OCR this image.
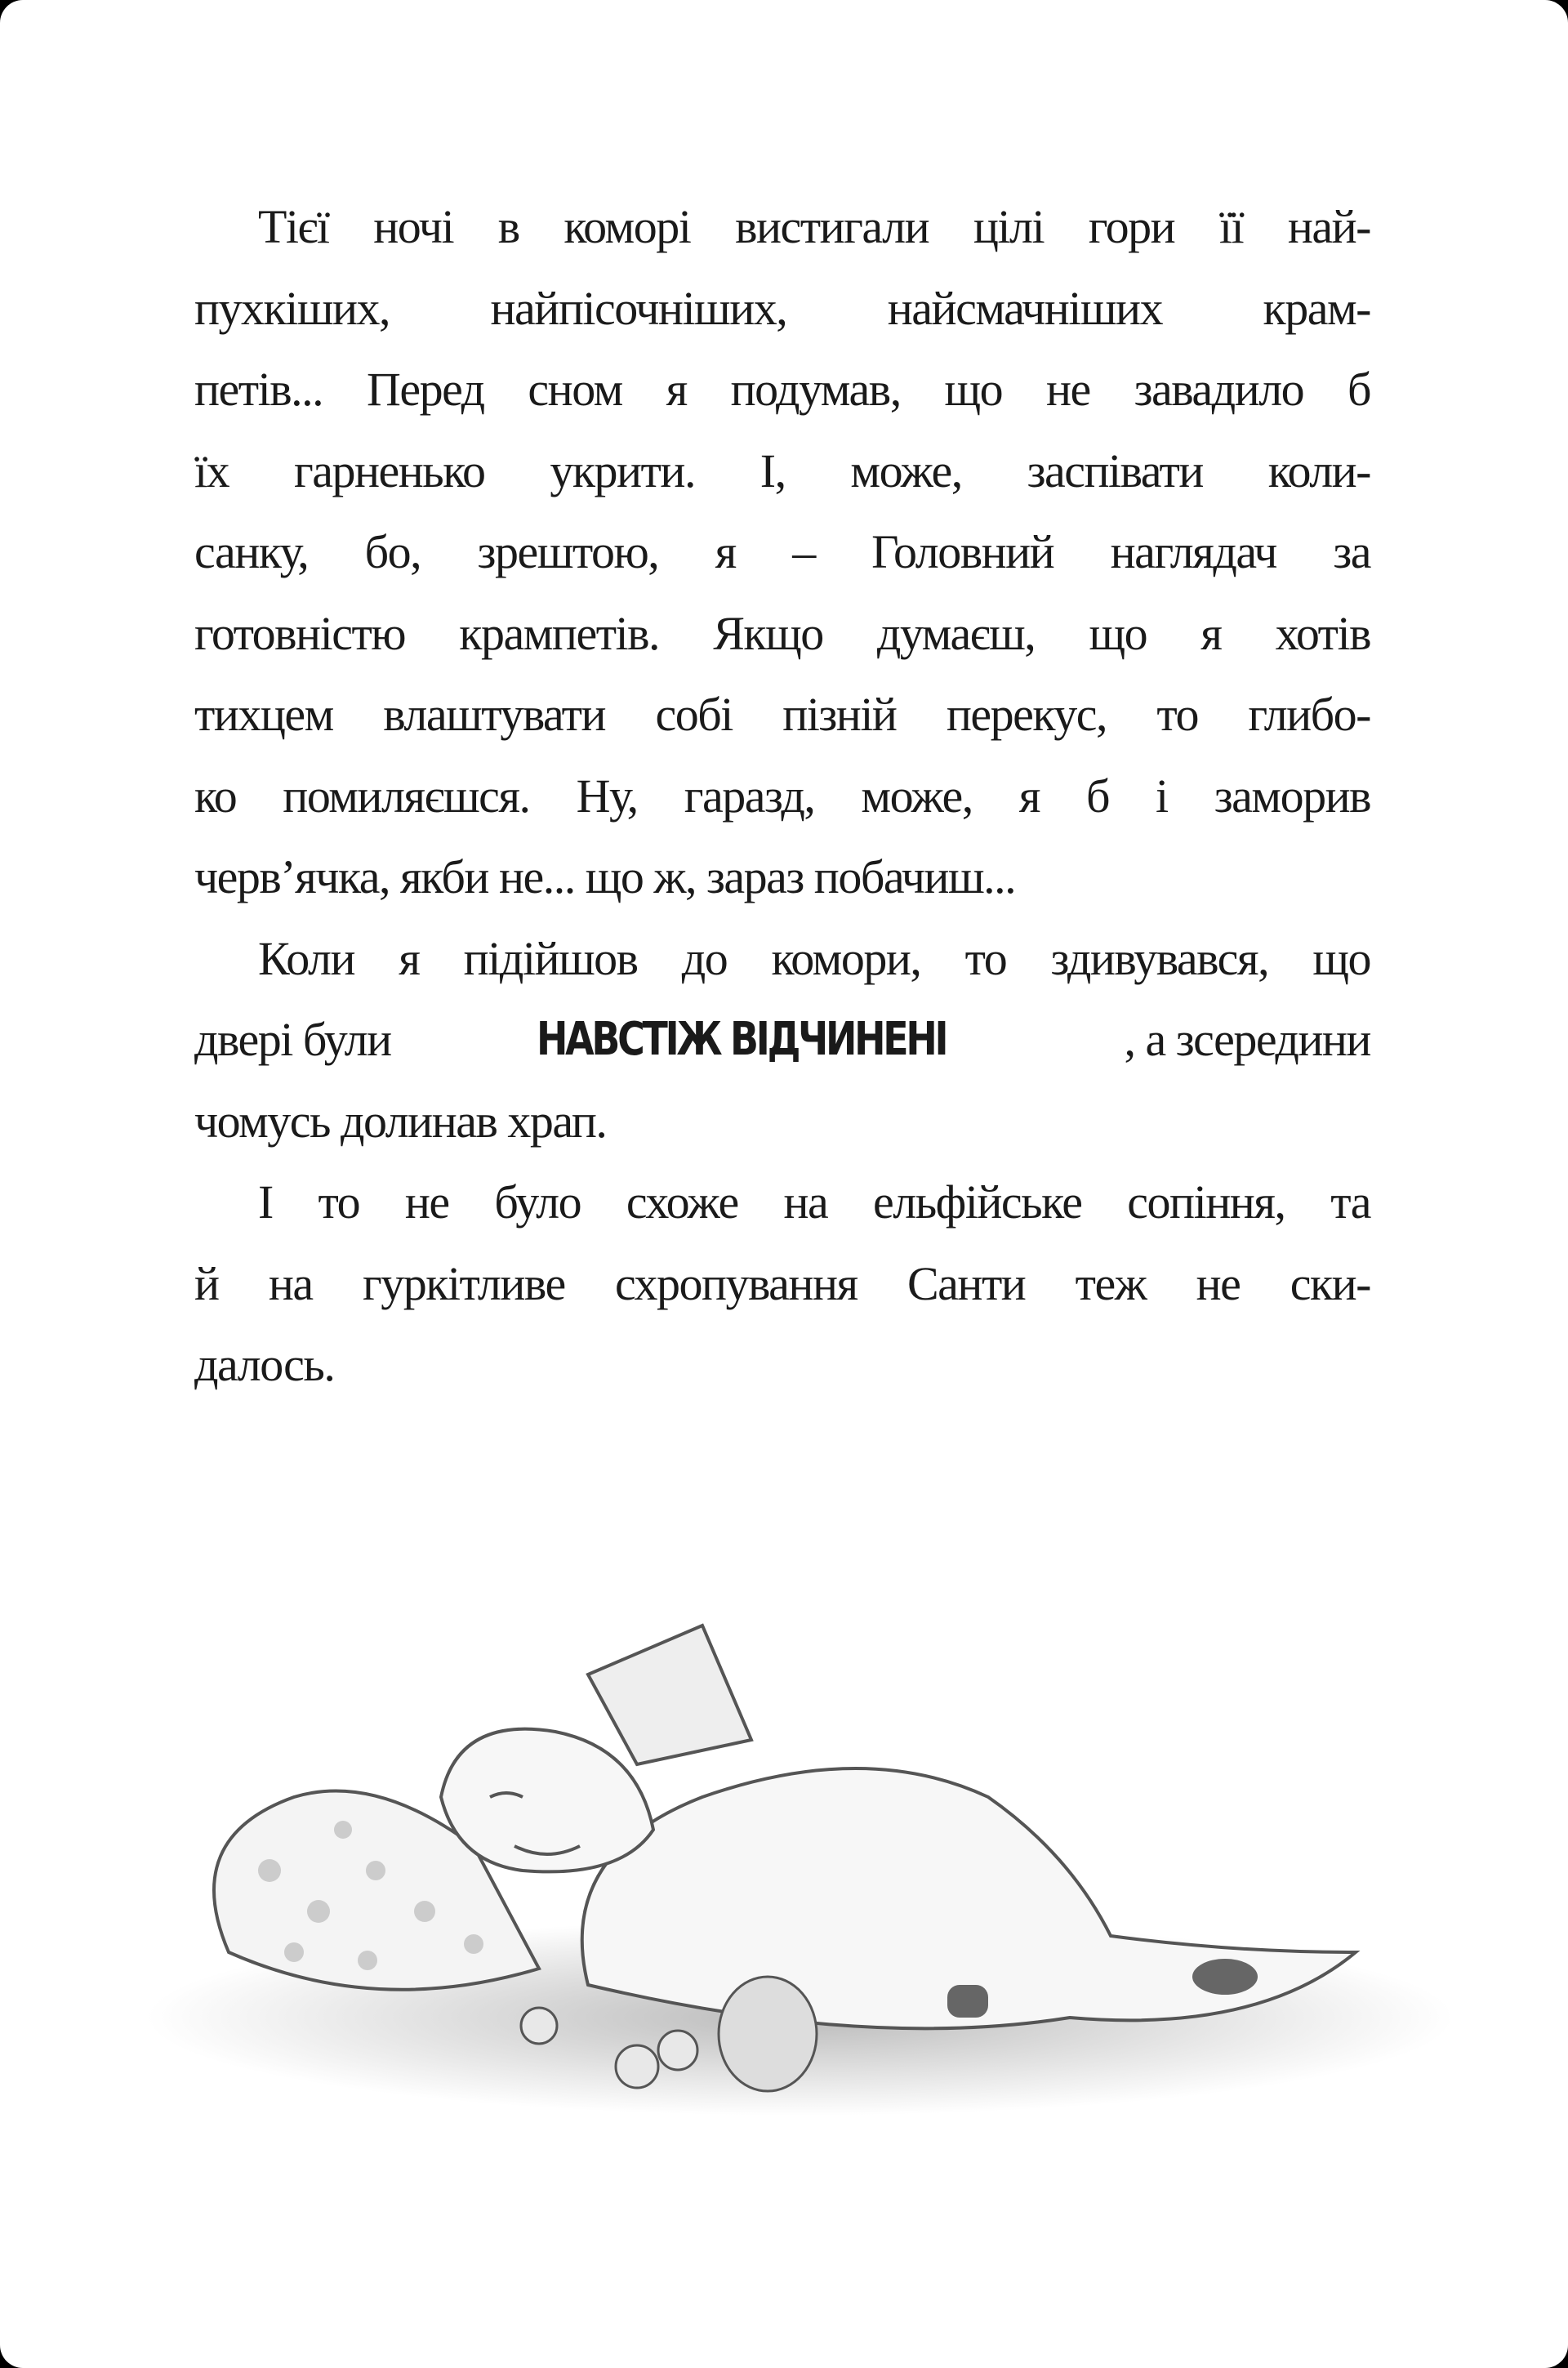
Тієї ночі в коморі вистигали цілі гори її най-
пухкіших, найпісочніших, найсмачніших крам-
петів... Перед сном я подумав, що не завадило б
їх гарненько укрити. І, може, заспівати коли-
санку, бо, зрештою, я – Головний наглядач за
готовністю крампетів. Якщо думаєш, що я хотів
тихцем влаштувати собі пізній перекус, то глибо-
ко помиляєшся. Ну, гаразд, може, я б і заморив
черв’ячка, якби не... що ж, зараз побачиш...
Коли я підійшов до комори, то здивувався, що
двері були	НАВСТІЖ ВІДЧИНЕНІ	, а зсередини
чомусь долинав храп.
І то не було схоже на ельфійське сопіння, та
й на гуркітливе схропування Санти теж не ски-
далось.
